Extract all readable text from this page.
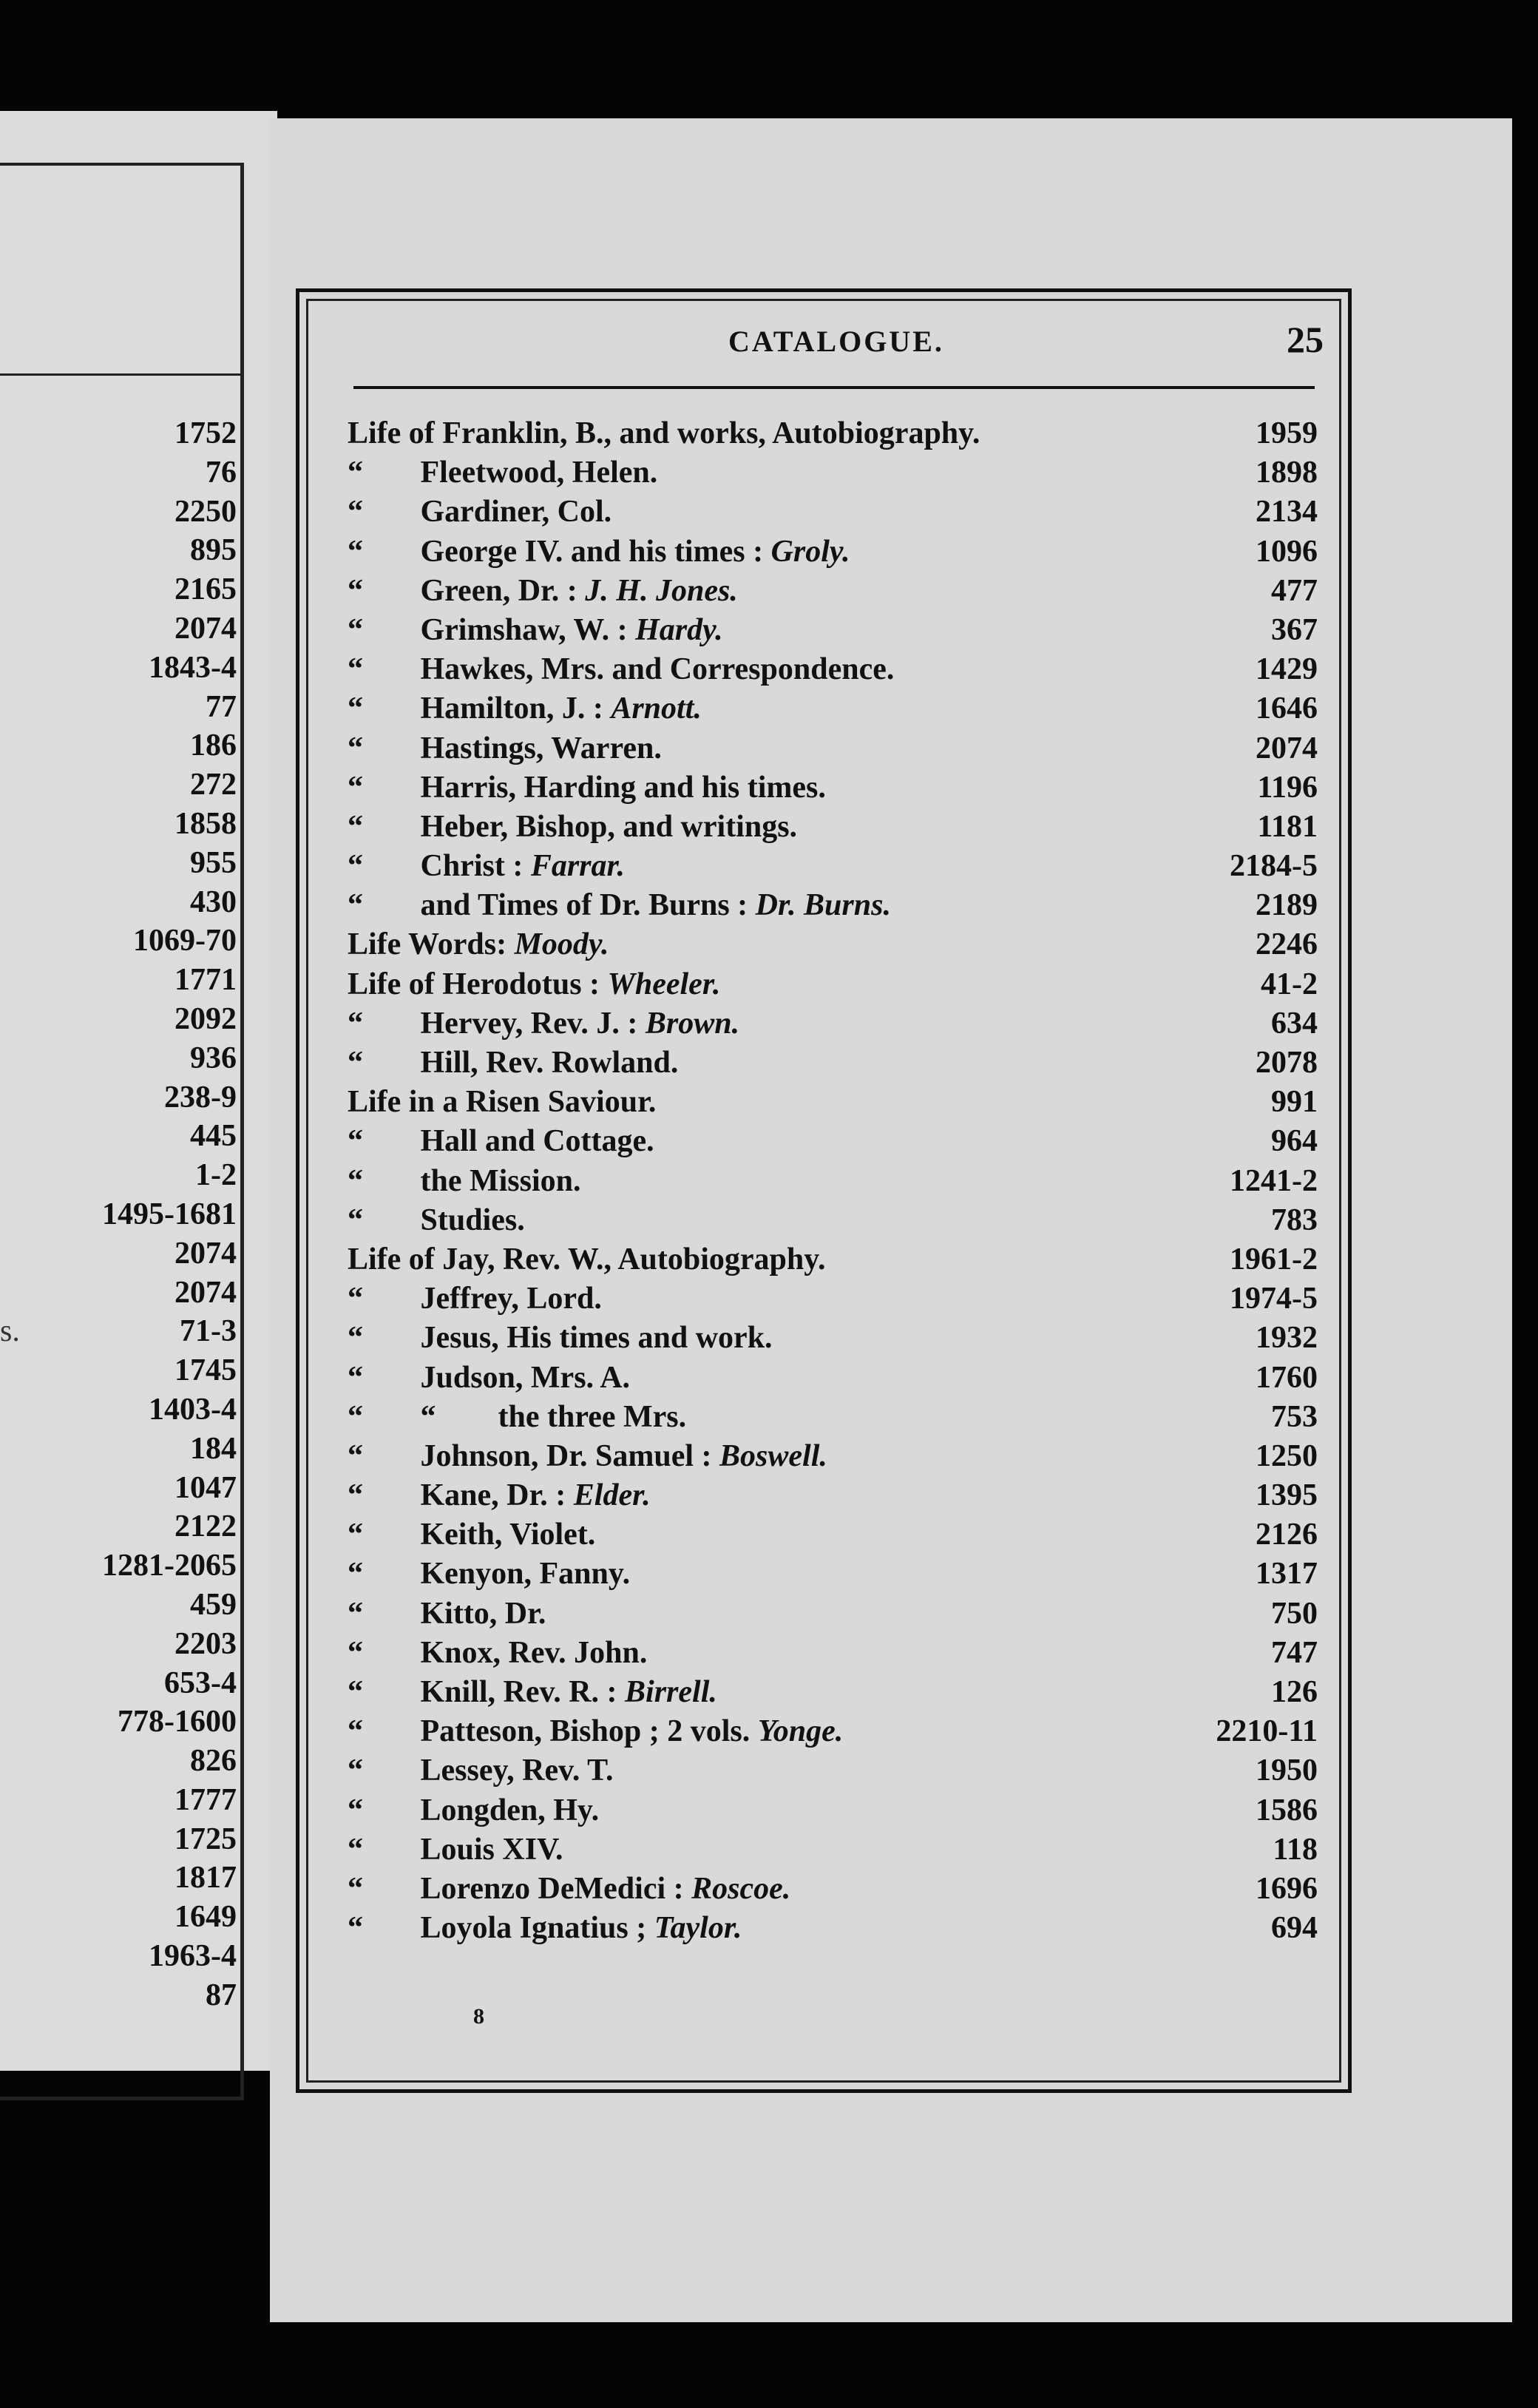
1752
76
2250
895
2165
2074
1843-4
77
186
272
1858
955
430
1069-70
1771
2092
936
238-9
445
1-2
1495-1681
2074
2074
s.	71-3
1745
1403-4
184
1047
2122
1281-2065
459
2203
653-4
778-1600
826
1777
1725
1817
1649
1963-4
87
CATALOGUE.	25
Life of Franklin, B., and works, Autobiography.	1959
“ Fleetwood, Helen.	1898
“ Gardiner, Col.	2134
“ George IV. and his times : Groly.	1096
“ Green, Dr. : J. H. Jones.	477
“ Grimshaw, W. : Hardy.	367
“ Hawkes, Mrs. and Correspondence.	1429
“ Hamilton, J. : Arnott.	1646
“ Hastings, Warren.	2074
“ Harris, Harding and his times.	1196
“ Heber, Bishop, and writings.	1181
“ Christ : Farrar.	2184-5
“ and Times of Dr. Burns : Dr. Burns.	2189
Life Words: Moody.	2246
Life of Herodotus : Wheeler.	41-2
“ Hervey, Rev. J. : Brown.	634
“ Hill, Rev. Rowland.	2078
Life in a Risen Saviour.	991
“ Hall and Cottage.	964
“ the Mission.	1241-2
“ Studies.	783
Life of Jay, Rev. W., Autobiography.	1961-2
“ Jeffrey, Lord.	1974-5
“ Jesus, His times and work.	1932
“ Judson, Mrs. A.	1760
“ “        the three Mrs.	753
“ Johnson, Dr. Samuel : Boswell.	1250
“ Kane, Dr. : Elder.	1395
“ Keith, Violet.	2126
“ Kenyon, Fanny.	1317
“ Kitto, Dr.	750
“ Knox, Rev. John.	747
“ Knill, Rev. R. : Birrell.	126
“ Patteson, Bishop ; 2 vols. Yonge.	2210-11
“ Lessey, Rev. T.	1950
“ Longden, Hy.	1586
“ Louis XIV.	118
“ Lorenzo DeMedici : Roscoe.	1696
“ Loyola Ignatius ; Taylor.	694
8
